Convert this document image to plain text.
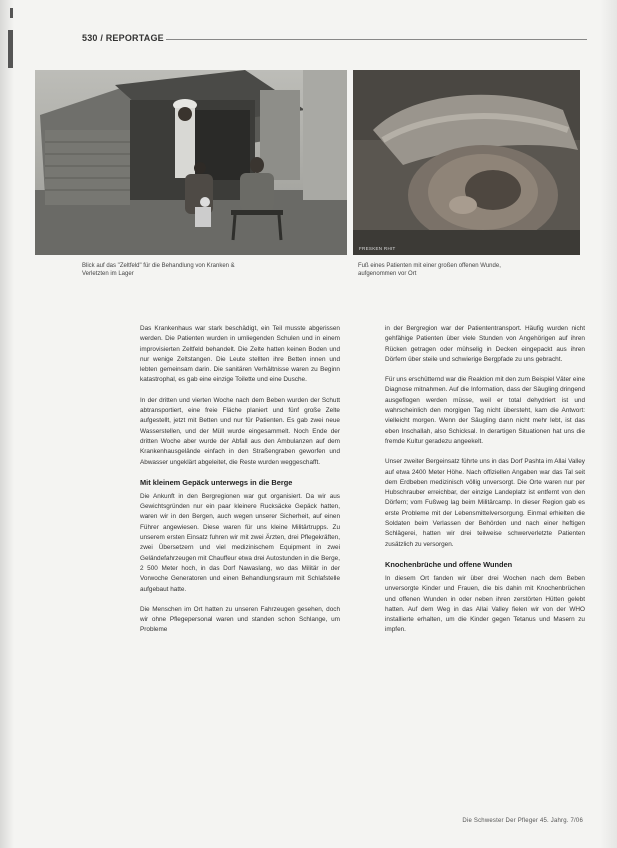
530 / REPORTAGE
FRESKEN RHIT
Blick auf das "Zeltfeld" für die Behandlung von Kranken & Verletzten im Lager
Fuß eines Patienten mit einer großen offenen Wunde, aufgenommen vor Ort

Das Krankenhaus war stark beschädigt, ein Teil musste abgerissen werden. Die Patienten wurden in umliegenden Schulen und in einem improvisierten Zeltfeld behandelt. Die Zelte hatten keinen Boden und nur wenige Zeltstangen. Die Leute stellten ihre Betten innen und lebten gemeinsam darin. Die sanitären Verhältnisse waren zu Beginn katastrophal, es gab eine einzige Toilette und eine Dusche.

In der dritten und vierten Woche nach dem Beben wurden der Schutt abtransportiert, eine freie Fläche planiert und fünf große Zelte aufgestellt, jetzt mit Betten und nur für Patienten. Es gab zwei neue Wasserstellen, und der Müll wurde eingesammelt. Noch Ende der dritten Woche aber wurde der Abfall aus den Ambulanzen auf dem Krankenhausgelände einfach in den Straßengraben geworfen und Abwasser ungeklärt abgeleitet, die Reste wurden weggeschafft.

Mit kleinem Gepäck unterwegs in die Berge

Die Ankunft in den Bergregionen war gut organisiert. Da wir aus Gewichtsgründen nur ein paar kleinere Rucksäcke Gepäck hatten, waren wir in den Bergen, auch wegen unserer Sicherheit, auf einen Führer angewiesen. Diese waren für uns kleine Militärtrupps. Zu unserem ersten Einsatz fuhren wir mit zwei Ärzten, drei Pflegekräften, zwei Übersetzern und viel medizinischem Equipment in zwei Geländefahrzeugen mit Chauffeur etwa drei Autostunden in die Berge, 2 500 Meter hoch, in das Dorf Nawaslang, wo das Militär in der Vorwoche Generatoren und einen Behandlungsraum mit Schlafstelle aufgebaut hatte.

Die Menschen im Ort hatten zu unseren Fahrzeugen gesehen, doch wir ohne Pflegepersonal waren und standen schon Schlange, um Probleme

in der Bergregion war der Patiententransport. Häufig wurden nicht gehfähige Patienten über viele Stunden von Angehörigen auf ihren Rücken getragen oder mühselig in Decken eingepackt aus ihren Dörfern über steile und schwierige Bergpfade zu uns gebracht.

Für uns erschütternd war die Reaktion mit den zum Beispiel Väter eine Diagnose mitnahmen. Auf die Information, dass der Säugling dringend ausgeflogen werden müsse, weil er total dehydriert ist und wahrscheinlich den morgigen Tag nicht übersteht, kam die Antwort: vielleicht morgen. Wenn der Säugling dann nicht mehr lebt, ist das eben Inschallah, also Schicksal. In derartigen Situationen hat uns die fremde Kultur geradezu angeekelt.

Unser zweiter Bergeinsatz führte uns in das Dorf Pashta im Allai Valley auf etwa 2400 Meter Höhe. Nach offiziellen Angaben war das Tal seit dem Erdbeben medizinisch völlig unversorgt. Die Orte waren nur per Hubschrauber erreichbar, der einzige Landeplatz ist entfernt von den Dörfern; vom Fußweg lag beim Militärcamp. In dieser Region gab es erste Probleme mit der Lebensmittelversorgung. Einmal erhielten die Soldaten beim Verlassen der Behörden und nach einer heftigen Schlägerei, hatten wir drei teilweise schwerverletzte Patienten zusätzlich zu versorgen.

Knochenbrüche und offene Wunden

In diesem Ort fanden wir über drei Wochen nach dem Beben unversorgte Kinder und Frauen, die bis dahin mit Knochenbrüchen und offenen Wunden in oder neben ihren zerstörten Hütten gelebt hatten. Auf dem Weg in das Allai Valley fielen wir von der WHO installierte erhalten, um die Kinder gegen Tetanus und Masern zu impfen.

Die Schwester Der Pfleger 45. Jahrg. 7/06
